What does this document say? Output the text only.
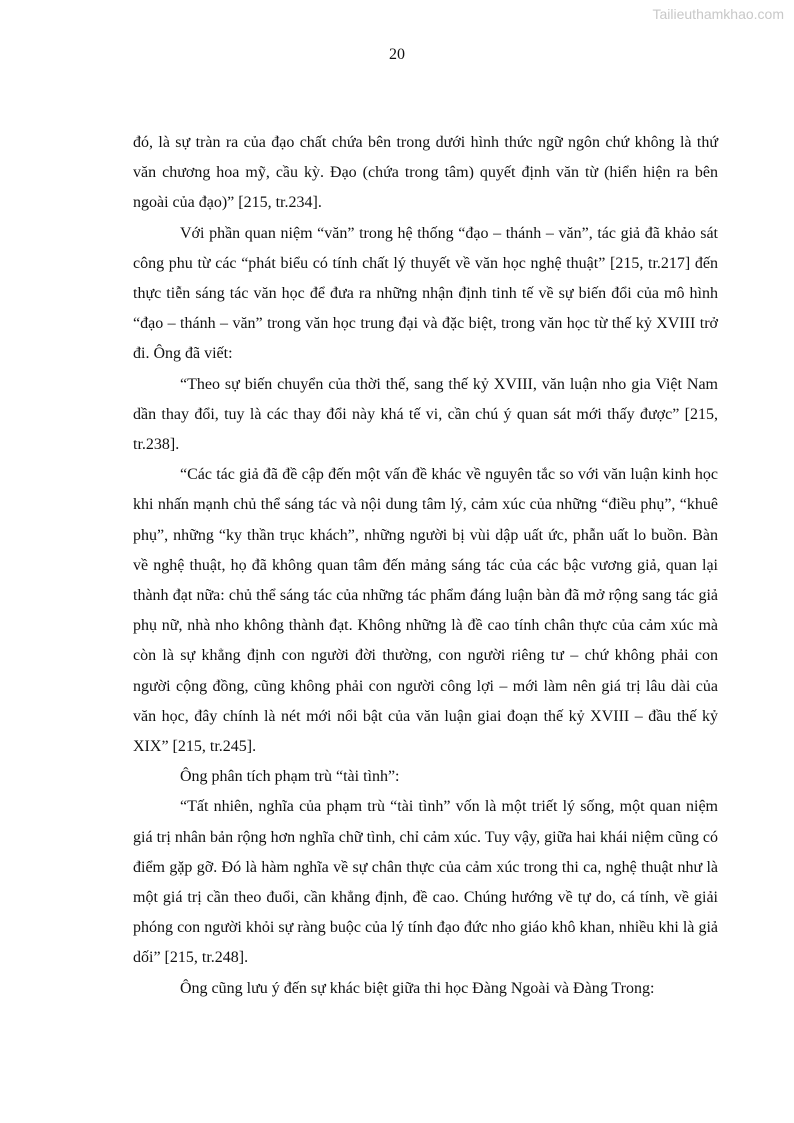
Tailieuthamkhao.com
20

đó, là sự tràn ra của đạo chất chứa bên trong dưới hình thức ngữ ngôn chứ không là thứ văn chương hoa mỹ, cầu kỳ. Đạo (chứa trong tâm) quyết định văn từ (hiển hiện ra bên ngoài của đạo)” [215, tr.234].

Với phần quan niệm “văn” trong hệ thống “đạo – thánh – văn”, tác giả đã khảo sát công phu từ các “phát biểu có tính chất lý thuyết về văn học nghệ thuật” [215, tr.217] đến thực tiễn sáng tác văn học để đưa ra những nhận định tinh tế về sự biến đổi của mô hình “đạo – thánh – văn” trong văn học trung đại và đặc biệt, trong văn học từ thế kỷ XVIII trở đi. Ông đã viết:

“Theo sự biến chuyển của thời thế, sang thế kỷ XVIII, văn luận nho gia Việt Nam dần thay đổi, tuy là các thay đổi này khá tế vi, cần chú ý quan sát mới thấy được” [215, tr.238].

“Các tác giả đã đề cập đến một vấn đề khác về nguyên tắc so với văn luận kinh học khi nhấn mạnh chủ thể sáng tác và nội dung tâm lý, cảm xúc của những “điều phụ”, “khuê phụ”, những “ky thần trục khách”, những người bị vùi dập uất ức, phẫn uất lo buồn. Bàn về nghệ thuật, họ đã không quan tâm đến mảng sáng tác của các bậc vương giả, quan lại thành đạt nữa: chủ thể sáng tác của những tác phẩm đáng luận bàn đã mở rộng sang tác giả phụ nữ, nhà nho không thành đạt. Không những là đề cao tính chân thực của cảm xúc mà còn là sự khẳng định con người đời thường, con người riêng tư – chứ không phải con người cộng đồng, cũng không phải con người công lợi – mới làm nên giá trị lâu dài của văn học, đây chính là nét mới nổi bật của văn luận giai đoạn thế kỷ XVIII – đầu thế kỷ XIX” [215, tr.245].

Ông phân tích phạm trù “tài tình”:

“Tất nhiên, nghĩa của phạm trù “tài tình” vốn là một triết lý sống, một quan niệm giá trị nhân bản rộng hơn nghĩa chữ tình, chỉ cảm xúc. Tuy vậy, giữa hai khái niệm cũng có điểm gặp gỡ. Đó là hàm nghĩa về sự chân thực của cảm xúc trong thi ca, nghệ thuật như là một giá trị cần theo đuổi, cần khẳng định, đề cao. Chúng hướng về tự do, cá tính, về giải phóng con người khỏi sự ràng buộc của lý tính đạo đức nho giáo khô khan, nhiều khi là giả dối” [215, tr.248].

Ông cũng lưu ý đến sự khác biệt giữa thi học Đàng Ngoài và Đàng Trong:
